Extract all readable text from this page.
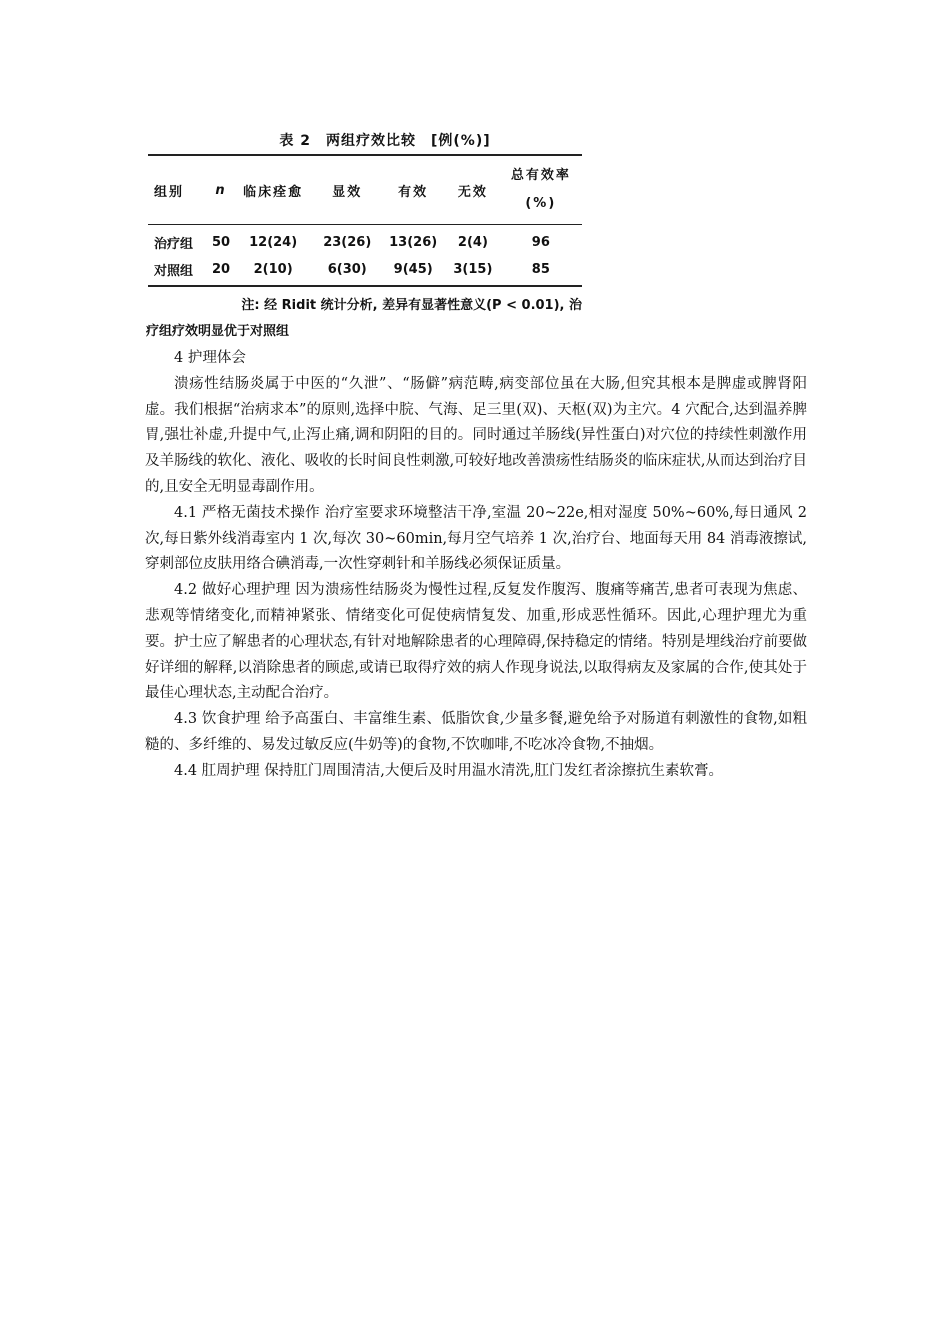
表 2　两组疗效比较　[例(%)]
组别	n	临床痊愈	显效	有效	无效	总有效率
(%)
治疗组	50	12(24)	23(26)	13(26)	2(4)	96
对照组	20	2(10)	6(30)	9(45)	3(15)	85
注: 经 Ridit 统计分析, 差异有显著性意义(P < 0.01), 治
疗组疗效明显优于对照组

4 护理体会

溃疡性结肠炎属于中医的“久泄”、“肠僻”病范畴,病变部位虽在大肠,但究其根本是脾虚或脾肾阳虚。我们根据“治病求本”的原则,选择中脘、气海、足三里(双)、天枢(双)为主穴。4 穴配合,达到温养脾胃,强壮补虚,升提中气,止泻止痛,调和阴阳的目的。同时通过羊肠线(异性蛋白)对穴位的持续性刺激作用及羊肠线的软化、液化、吸收的长时间良性刺激,可较好地改善溃疡性结肠炎的临床症状,从而达到治疗目的,且安全无明显毒副作用。

4.1 严格无菌技术操作 治疗室要求环境整洁干净,室温 20~22e,相对湿度 50%~60%,每日通风 2 次,每日紫外线消毒室内 1 次,每次 30~60min,每月空气培养 1 次,治疗台、地面每天用 84 消毒液擦试,穿刺部位皮肤用络合碘消毒,一次性穿刺针和羊肠线必须保证质量。

4.2 做好心理护理 因为溃疡性结肠炎为慢性过程,反复发作腹泻、腹痛等痛苦,患者可表现为焦虑、悲观等情绪变化,而精神紧张、情绪变化可促使病情复发、加重,形成恶性循环。因此,心理护理尤为重要。护士应了解患者的心理状态,有针对地解除患者的心理障碍,保持稳定的情绪。特别是埋线治疗前要做好详细的解释,以消除患者的顾虑,或请已取得疗效的病人作现身说法,以取得病友及家属的合作,使其处于最佳心理状态,主动配合治疗。

4.3 饮食护理 给予高蛋白、丰富维生素、低脂饮食,少量多餐,避免给予对肠道有刺激性的食物,如粗糙的、多纤维的、易发过敏反应(牛奶等)的食物,不饮咖啡,不吃冰冷食物,不抽烟。

4.4 肛周护理 保持肛门周围清洁,大便后及时用温水清洗,肛门发红者涂擦抗生素软膏。
